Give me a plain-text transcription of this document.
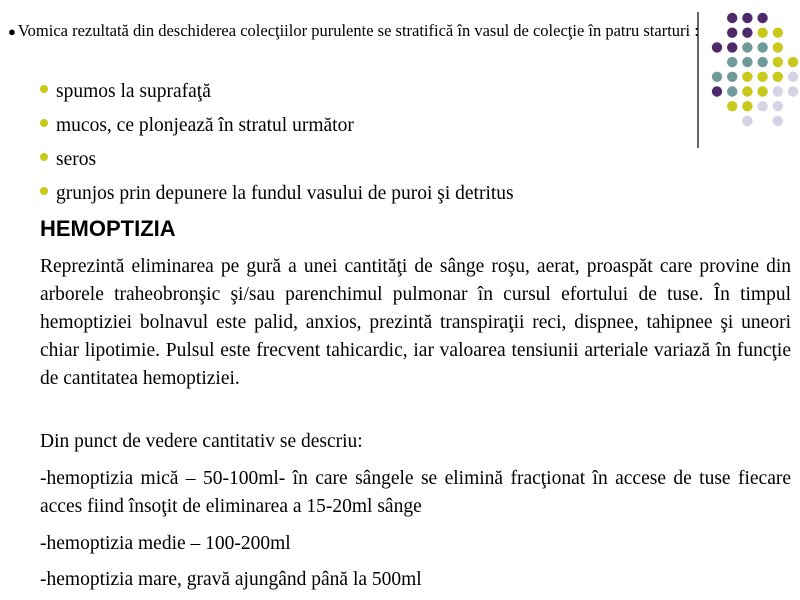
● Vomica rezultată din deschiderea colecţiilor purulente se stratifică în vasul de colecţie în patru starturi :
spumos la suprafaţă
mucos, ce plonjează în stratul următor
seros
grunjos prin depunere la fundul vasului de puroi şi detritus
HEMOPTIZIA
Reprezintă eliminarea pe gură a unei cantităţi de sânge roşu, aerat, proaspăt care provine din arborele traheobronşic şi/sau parenchimul pulmonar în cursul efortului de tuse. În timpul hemoptiziei bolnavul este palid, anxios, prezintă transpiraţii reci, dispnee, tahipnee şi uneori chiar lipotimie. Pulsul este frecvent tahicardic, iar valoarea tensiunii arteriale variază în funcţie de cantitatea hemoptiziei.
Din punct de vedere cantitativ se descriu:
-hemoptizia mică – 50-100ml- în care sângele se elimină fracţionat în accese de tuse fiecare acces fiind însoţit de eliminarea a 15-20ml sânge
-hemoptizia medie – 100-200ml
-hemoptizia mare, gravă ajungând până la 500ml
